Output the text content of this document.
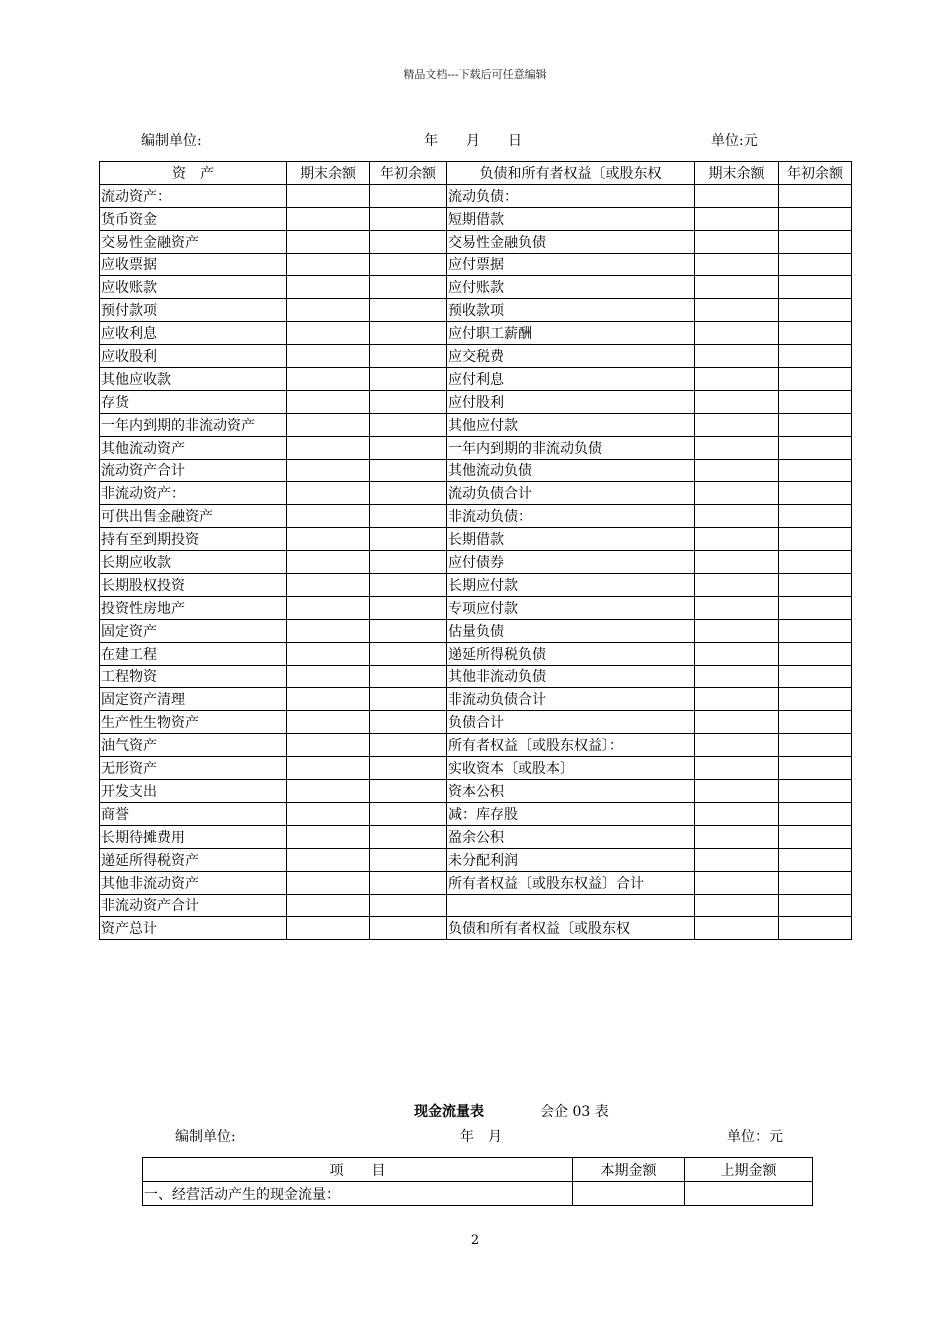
精品文档---下载后可任意编辑
编制单位:	年 月 日	单位:元
资　产	期末余额	年初余额	负债和所有者权益〔或股东权	期末余额	年初余额
流动资产：			流动负债：		
货币资金			短期借款		
交易性金融资产			交易性金融负债		
应收票据			应付票据		
应收账款			应付账款		
预付款项			预收款项		
应收利息			应付职工薪酬		
应收股利			应交税费		
其他应收款			应付利息		
存货			应付股利		
一年内到期的非流动资产			其他应付款		
其他流动资产			一年内到期的非流动负债		
流动资产合计			其他流动负债		
非流动资产：			流动负债合计		
可供出售金融资产			非流动负债：		
持有至到期投资			长期借款		
长期应收款			应付债券		
长期股权投资			长期应付款		
投资性房地产			专项应付款		
固定资产			估量负债		
在建工程			递延所得税负债		
工程物资			其他非流动负债		
固定资产清理			非流动负债合计		
生产性生物资产			负债合计		
油气资产			所有者权益〔或股东权益〕：		
无形资产			实收资本〔或股本〕		
开发支出			资本公积		
商誉			减：库存股		
长期待摊费用			盈余公积		
递延所得税资产			未分配利润		
其他非流动资产			所有者权益〔或股东权益〕合计		
非流动资产合计					
资产总计			负债和所有者权益〔或股东权		
现金流量表	会企 03 表
编制单位:	年 月	单位：元
项　　目	本期金额	上期金额
一、经营活动产生的现金流量：		
2
